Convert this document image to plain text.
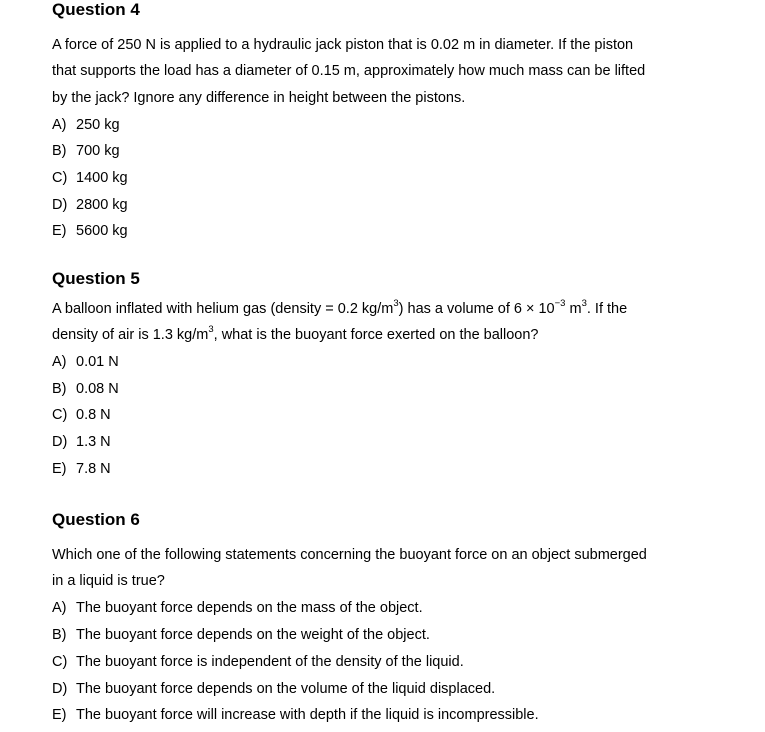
Question 4
A force of 250 N is applied to a hydraulic jack piston that is 0.02 m in diameter. If the piston
that supports the load has a diameter of 0.15 m, approximately how much mass can be lifted
by the jack? Ignore any difference in height between the pistons.
A) 250 kg
B) 700 kg
C) 1400 kg
D) 2800 kg
E) 5600 kg
Question 5
A balloon inflated with helium gas (density = 0.2 $kg/m^3$) has a volume of $6 \times 10^{-3}$ $m^3$. If the
density of air is 1.3 $kg/m^3$, what is the buoyant force exerted on the balloon?
A) 0.01 N
B) 0.08 N
C) 0.8 N
D) 1.3 N
E) 7.8 N
Question 6
Which one of the following statements concerning the buoyant force on an object submerged
in a liquid is true?
A) The buoyant force depends on the mass of the object.
B) The buoyant force depends on the weight of the object.
C) The buoyant force is independent of the density of the liquid.
D) The buoyant force depends on the volume of the liquid displaced.
E) The buoyant force will increase with depth if the liquid is incompressible.
